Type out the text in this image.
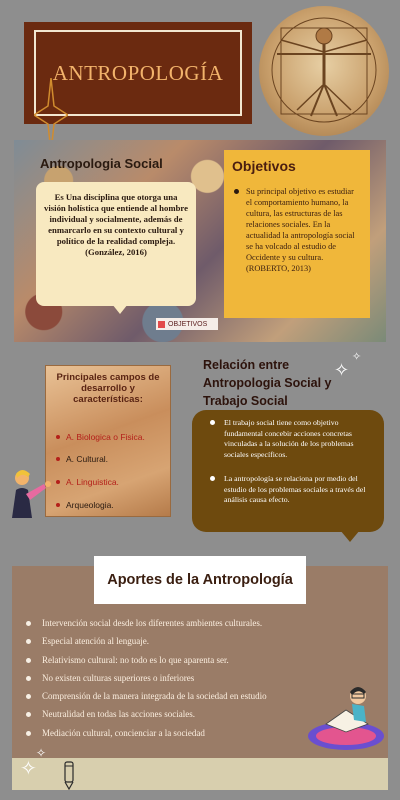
ANTROPOLOGÍA
Antropologia Social

Es Una disciplina que otorga una visión holística que entiende al hombre individual y socialmente, además de enmarcarlo en su contexto cultural y político de la realidad compleja. (González, 2016)

OBJETIVOS
Objetivos
Su principal objetivo es estudiar el comportamiento humano, la cultura, las estructuras de las relaciones sociales. En la actualidad la antropología social se ha volcado al estudio de Occidente y su cultura. (ROBERTO, 2013)
Principales campos de desarrollo y características:
A. Biologica o Fisica.
A. Cultural.
A. Linguistica.
Arqueologia.
Relación entre Antropologia Social y Trabajo Social
✧
✧
El trabajo social tiene como objetivo fundamental concebir acciones concretas vinculadas a la solución de los problemas sociales específicos.
La antropología se relaciona por medio del estudio de los problemas sociales a través del análisis causa efecto.
Aportes de la Antropología
Intervención social desde los diferentes ambientes culturales.
Especial atención al lenguaje.
Relativismo cultural: no todo es lo que aparenta ser.
No existen culturas superiores o inferiores
Comprensión de la manera integrada de la sociedad en estudio
Neutralidad en todas las acciones sociales.
Mediación cultural, concienciar a la sociedad
✧
✧
